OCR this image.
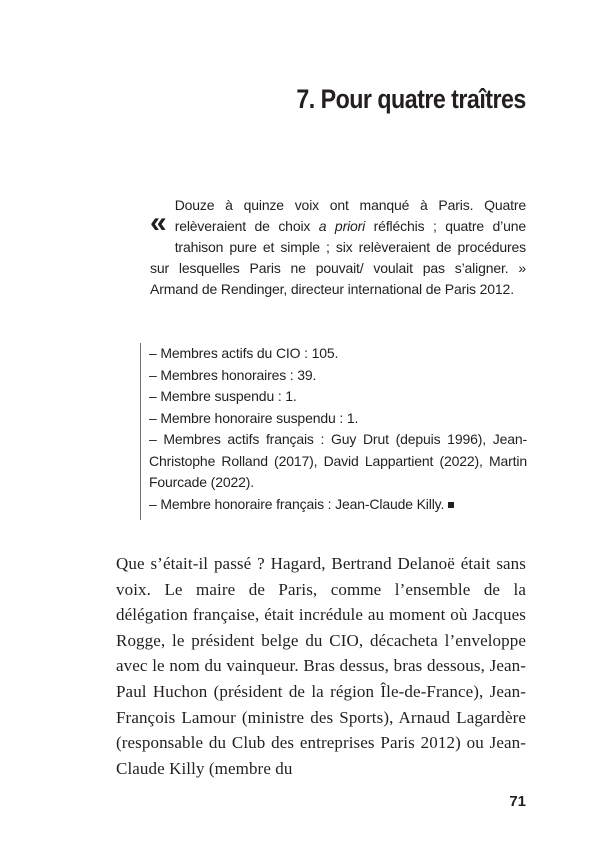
7. Pour quatre traîtres
«
Douze à quinze voix ont manqué à Paris. Quatre relèveraient de choix a priori réfléchis ; quatre d’une trahison pure et simple ; six relèveraient de procédures sur lesquelles Paris ne pouvait/ voulait pas s’aligner. » Armand de Rendinger, directeur international de Paris 2012.
– Membres actifs du CIO : 105.
– Membres honoraires : 39.
– Membre suspendu : 1.
– Membre honoraire suspendu : 1.
– Membres actifs français : Guy Drut (depuis 1996), Jean-Christophe Rolland (2017), David Lappartient (2022), Martin Fourcade (2022).
– Membre honoraire français : Jean-Claude Killy.

Que s’était-il passé ? Hagard, Bertrand Delanoë était sans voix. Le maire de Paris, comme l’ensemble de la délégation française, était incrédule au moment où Jacques Rogge, le président belge du CIO, décacheta l’enveloppe avec le nom du vainqueur. Bras dessus, bras dessous, Jean-Paul Huchon (président de la région Île-de-France), Jean-François Lamour (ministre des Sports), Arnaud Lagardère (responsable du Club des entreprises Paris 2012) ou Jean-Claude Killy (membre du

71
